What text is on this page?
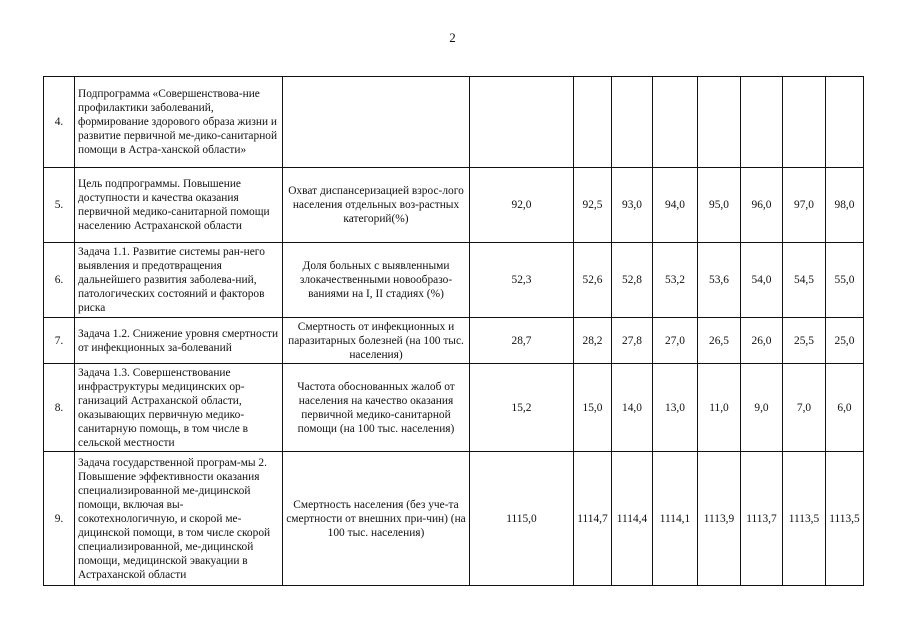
2
4.	Подпрограмма «Совершенствова-ние профилактики заболеваний, формирование здорового образа жизни и развитие первичной ме-дико-санитарной помощи в Астра-ханской области»									
5.	Цель подпрограммы. Повышение доступности и качества оказания первичной медико-санитарной помощи населению Астраханской области	Охват диспансеризацией взрос-лого населения отдельных воз-растных категорий(%)	92,0	92,5	93,0	94,0	95,0	96,0	97,0	98,0
6.	Задача 1.1. Развитие системы ран-него выявления и предотвращения дальнейшего развития заболева-ний, патологических состояний и факторов риска	Доля больных с выявленными злокачественными новообразо-ваниями на I, II стадиях (%)	52,3	52,6	52,8	53,2	53,6	54,0	54,5	55,0
7.	Задача 1.2. Снижение уровня смертности от инфекционных за-болеваний	Смертность от инфекционных и паразитарных болезней (на 100 тыс. населения)	28,7	28,2	27,8	27,0	26,5	26,0	25,5	25,0
8.	Задача 1.3. Совершенствование инфраструктуры медицинских ор-ганизаций Астраханской области, оказывающих первичную медико-санитарную помощь, в том числе в сельской местности	Частота обоснованных жалоб от населения на качество оказания первичной медико-санитарной помощи (на 100 тыс. населения)	15,2	15,0	14,0	13,0	11,0	9,0	7,0	6,0
9.	Задача государственной програм-мы 2. Повышение эффективности оказания специализированной ме-дицинской помощи, включая вы-сокотехнологичную, и скорой ме-дицинской помощи, в том числе скорой специализированной, ме-дицинской помощи, медицинской эвакуации в Астраханской области	Смертность населения (без уче-та смертности от внешних при-чин) (на 100 тыс. населения)	1115,0	1114,7	1114,4	1114,1	1113,9	1113,7	1113,5	1113,5
